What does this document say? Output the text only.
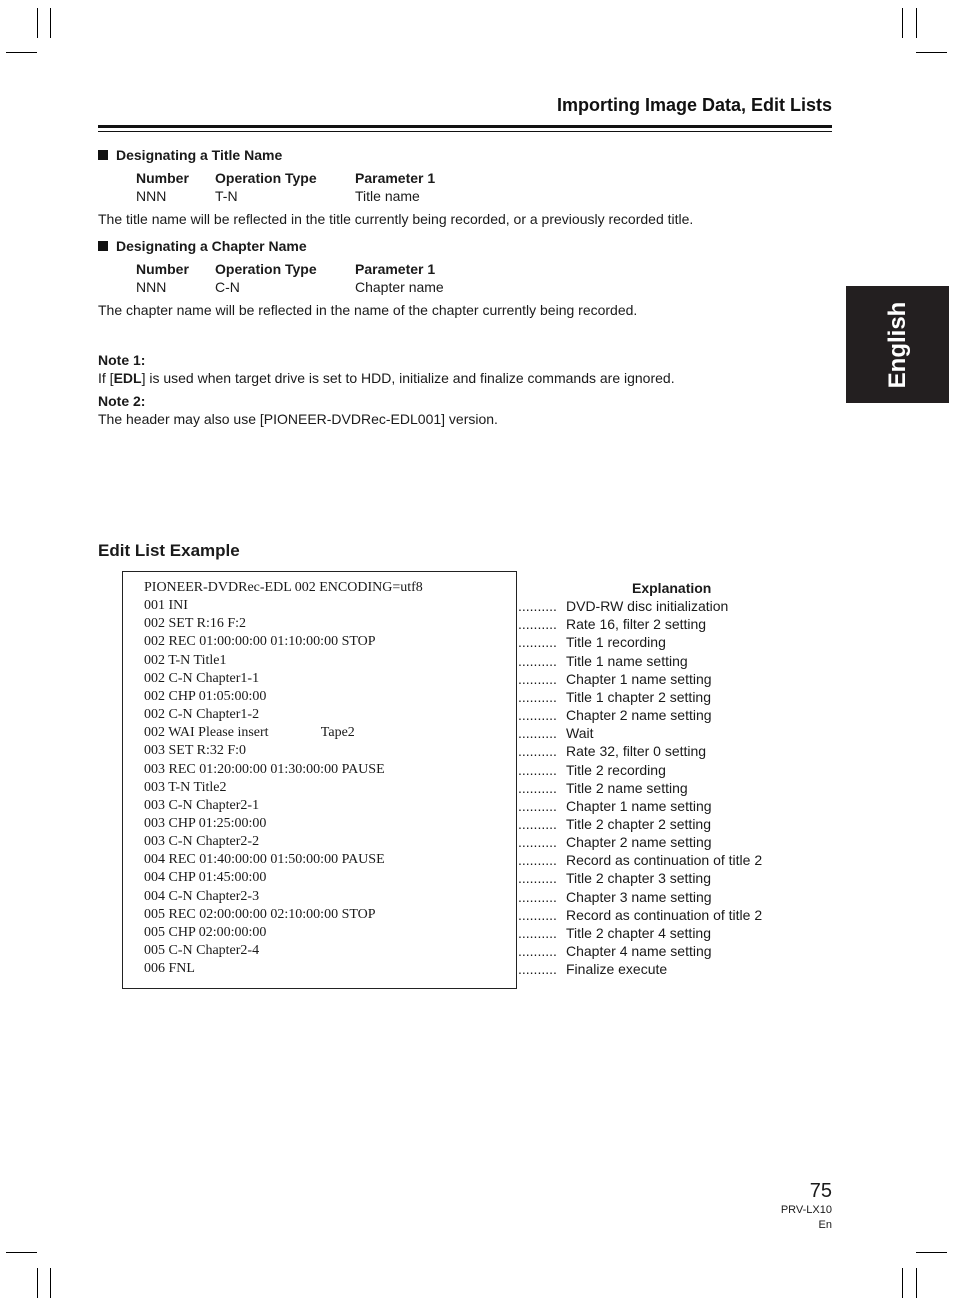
Importing Image Data, Edit Lists
English
Designating a Title Name
Number Operation Type	Parameter 1
NNN	T-N	Title name
The title name will be reflected in the title currently being recorded, or a previously recorded title.
Designating a Chapter Name
Number Operation Type	Parameter 1
NNN	C-N	Chapter name
The chapter name will be reflected in the name of the chapter currently being recorded.
Note 1:
If [EDL] is used when target drive is set to HDD, initialize and finalize commands are ignored.
Note 2:
The header may also use [PIONEER-DVDRec-EDL001] version.
Edit List Example
PIONEER-DVDRec-EDL 002 ENCODING=utf8
001 INI
002 SET R:16 F:2
002 REC 01:00:00:00 01:10:00:00 STOP
002 T-N Title1
002 C-N Chapter1-1
002 CHP 01:05:00:00
002 C-N Chapter1-2
002 WAI Please insert               Tape2
003 SET R:32 F:0
003 REC 01:20:00:00 01:30:00:00 PAUSE
003 T-N Title2
003 C-N Chapter2-1
003 CHP 01:25:00:00
003 C-N Chapter2-2
004 REC 01:40:00:00 01:50:00:00 PAUSE
004 CHP 01:45:00:00
004 C-N Chapter2-3
005 REC 02:00:00:00 02:10:00:00 STOP
005 CHP 02:00:00:00
005 C-N Chapter2-4
006 FNL
Explanation
.......... DVD-RW disc initialization
.......... Rate 16, filter 2 setting
.......... Title 1 recording
.......... Title 1 name setting
.......... Chapter 1 name setting
.......... Title 1 chapter 2 setting
.......... Chapter 2 name setting
.......... Wait
.......... Rate 32, filter 0 setting
.......... Title 2 recording
.......... Title 2 name setting
.......... Chapter 1 name setting
.......... Title 2 chapter 2 setting
.......... Chapter 2 name setting
.......... Record as continuation of title 2
.......... Title 2 chapter 3 setting
.......... Chapter 3 name setting
.......... Record as continuation of title 2
.......... Title 2 chapter 4 setting
.......... Chapter 4 name setting
.......... Finalize execute
75
PRV-LX10
En
